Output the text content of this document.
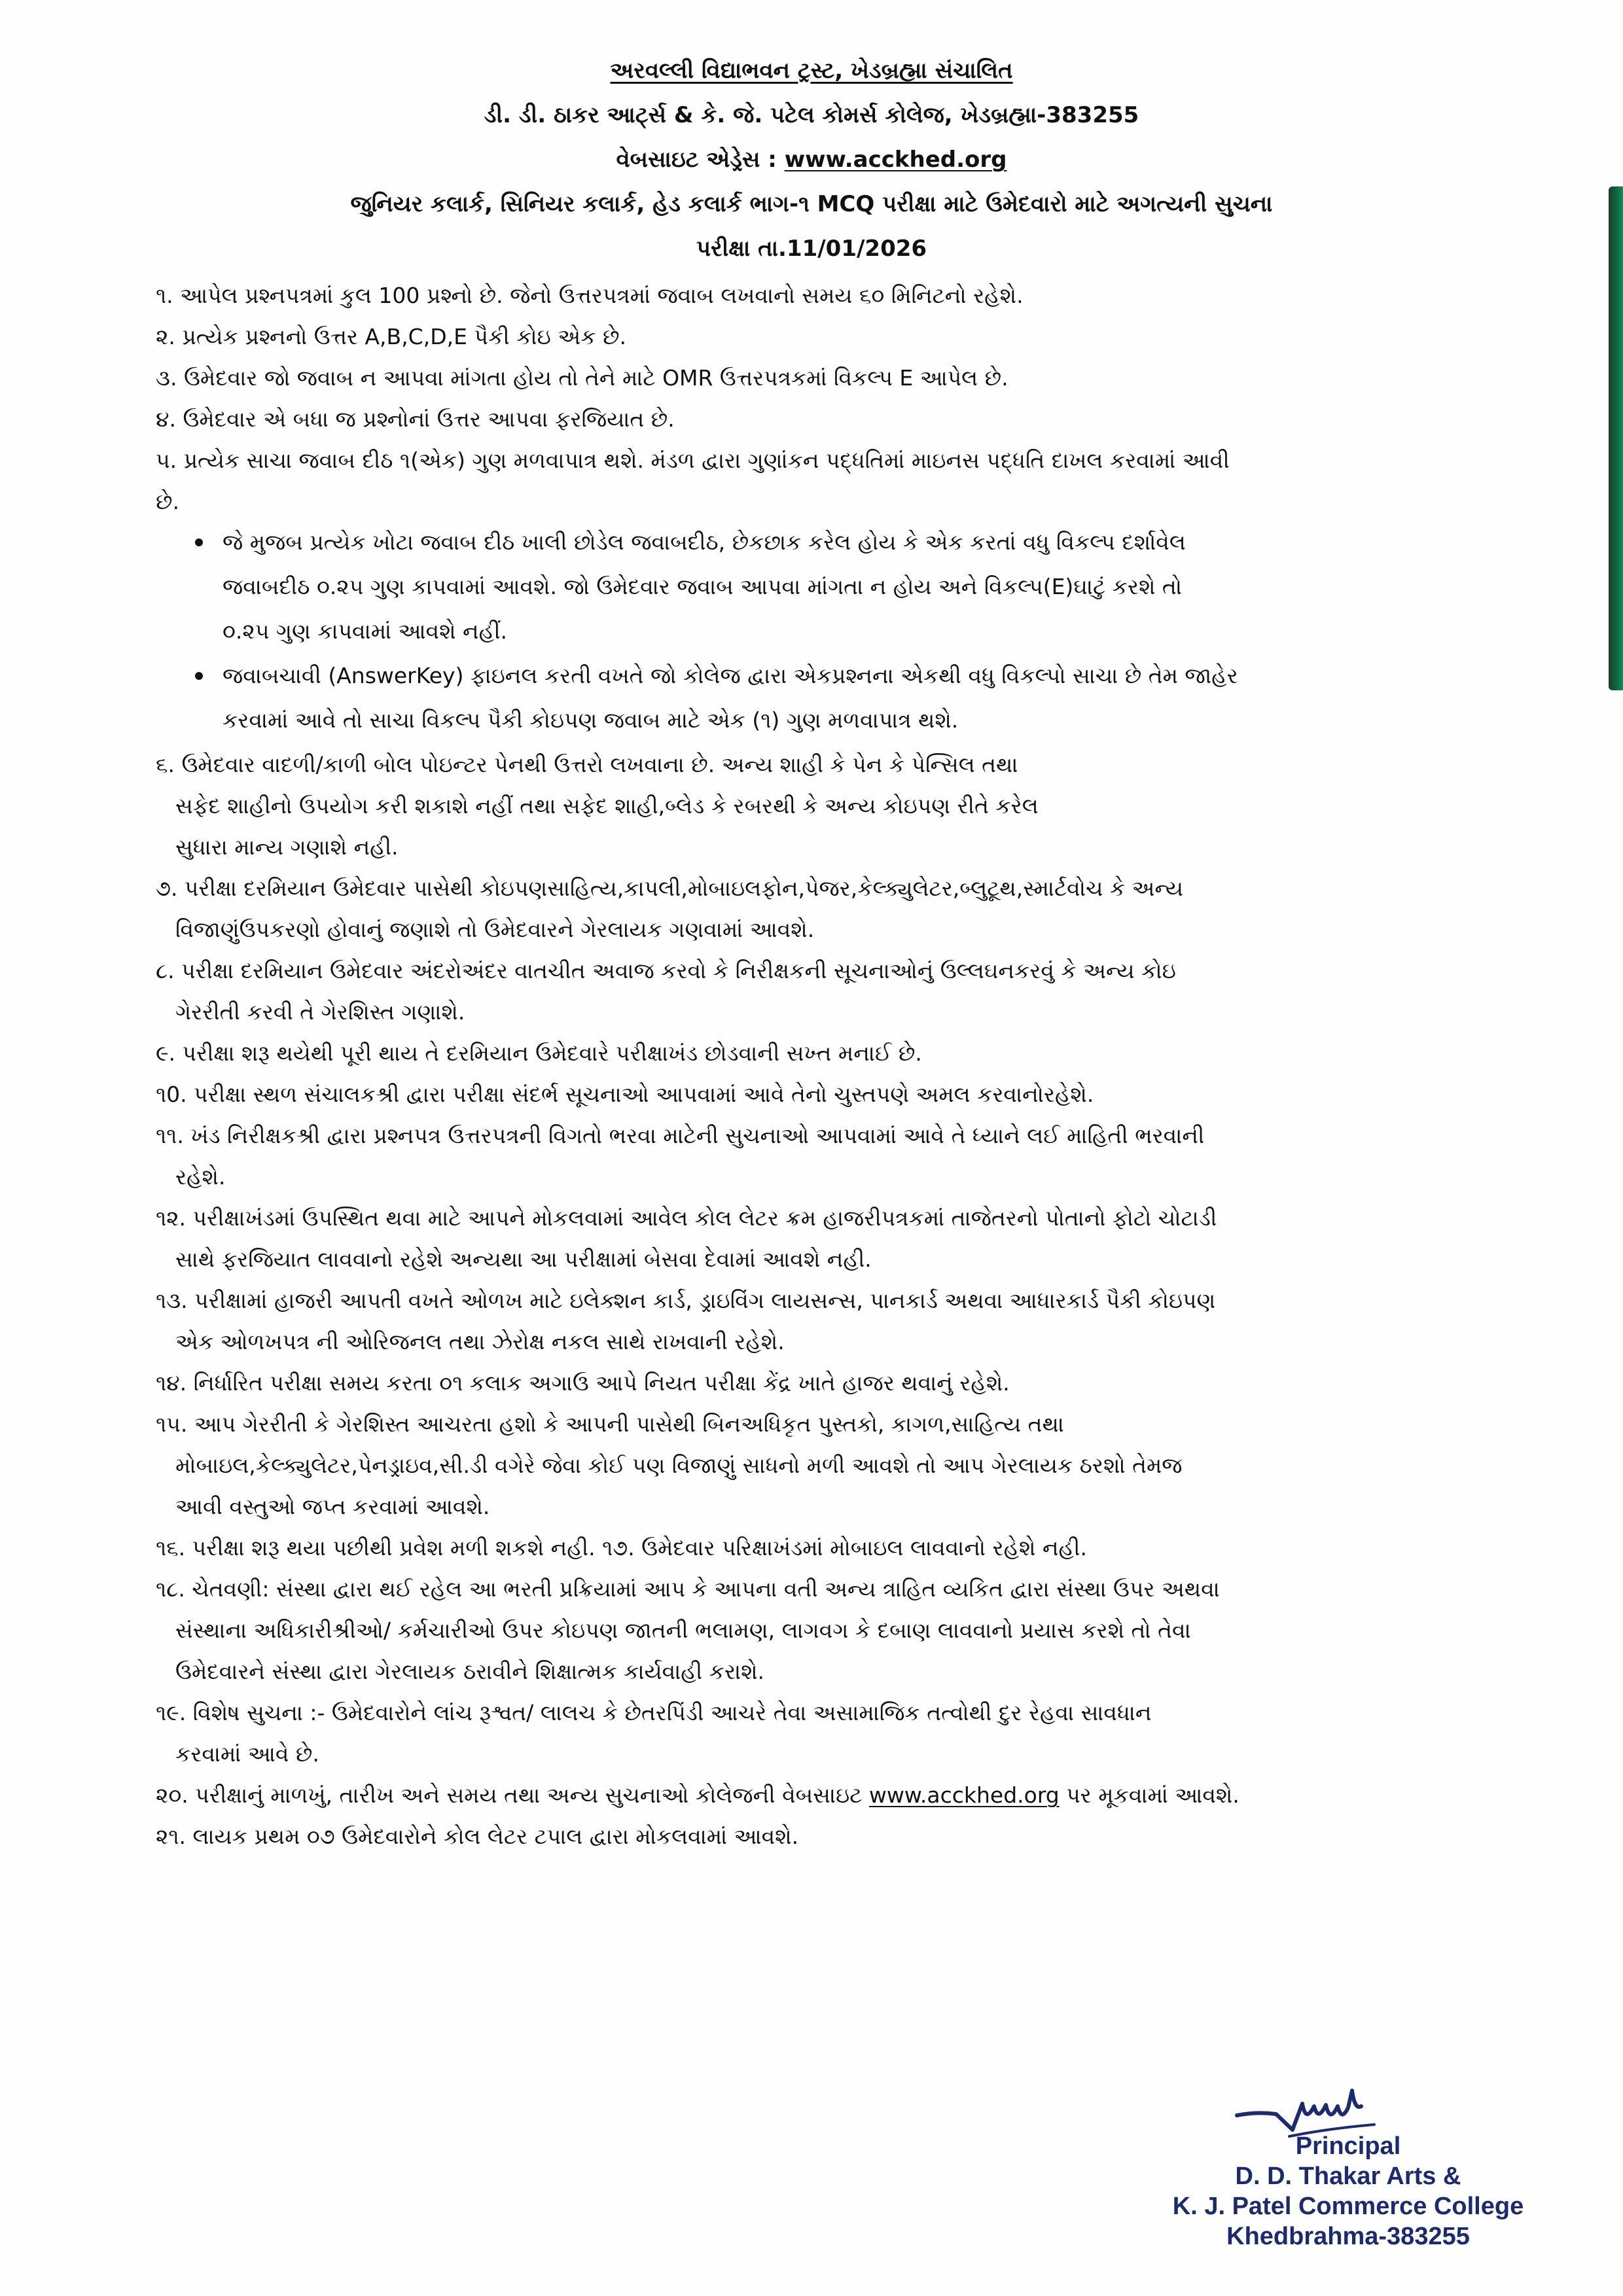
અરવલ્લી વિદ્યાભવન ટ્રસ્ટ, ખેડબ્રહ્મા સંચાલિત
ડી. ડી. ઠાકર આર્ટ્સ & કે. જે. પટેલ કોમર્સ કોલેજ, ખેડબ્રહ્મા-383255
વેબસાઇટ એડ્રેસ : www.acckhed.org
જુનિયર કલાર્ક, સિનિયર કલાર્ક, હેડ કલાર્ક ભાગ-૧ MCQ પરીક્ષા માટે ઉમેદવારો માટે અગત્યની સુચના
પરીક્ષા તા.11/01/2026
૧. આપેલ પ્રશ્નપત્રમાં કુલ 100 પ્રશ્નો છે. જેનો ઉત્તરપત્રમાં જવાબ લખવાનો સમય ૬૦ મિનિટનો રહેશે.
૨. પ્રત્યેક પ્રશ્નનો ઉત્તર A,B,C,D,E પૈકી કોઇ એક છે.
૩. ઉમેદવાર જો જવાબ ન આપવા માંગતા હોય તો તેને માટે OMR ઉત્તરપત્રકમાં વિકલ્પ E આપેલ છે.
૪. ઉમેદવાર એ બધા જ પ્રશ્નોનાં ઉત્તર આપવા ફરજિયાત છે.
૫. પ્રત્યેક સાચા જવાબ દીઠ ૧(એક) ગુણ મળવાપાત્ર થશે. મંડળ દ્વારા ગુણાંકન પદ્ધતિમાં માઇનસ પદ્ધતિ દાખલ કરવામાં આવી
છે.
જે મુજબ પ્રત્યેક ખોટા જવાબ દીઠ ખાલી છોડેલ જવાબદીઠ, છેકછાક કરેલ હોય કે એક કરતાં વધુ વિકલ્પ દર્શાવેલ
જવાબદીઠ ૦.૨૫ ગુણ કાપવામાં આવશે. જો ઉમેદવાર જવાબ આપવા માંગતા ન હોય અને વિકલ્પ(E)ઘાટું કરશે તો
૦.૨૫ ગુણ કાપવામાં આવશે નહીં.
જવાબચાવી (AnswerKey) ફાઇનલ કરતી વખતે જો કોલેજ દ્વારા એકપ્રશ્નના એકથી વધુ વિકલ્પો સાચા છે તેમ જાહેર
કરવામાં આવે તો સાચા વિકલ્પ પૈકી કોઇપણ જવાબ માટે એક (૧) ગુણ મળવાપાત્ર થશે.
૬. ઉમેદવાર વાદળી/કાળી બોલ પોઇન્ટર પેનથી ઉત્તરો લખવાના છે. અન્ય શાહી કે પેન કે પેન્સિલ તથા
સફેદ શાહીનો ઉપયોગ કરી શકાશે નહીં તથા સફેદ શાહી,બ્લેડ કે રબરથી કે અન્ય કોઇપણ રીતે કરેલ
સુધારા માન્ય ગણાશે નહી.
૭. પરીક્ષા દરમિયાન ઉમેદવાર પાસેથી કોઇપણસાહિત્ય,કાપલી,મોબાઇલફોન,પેજર,કેલ્ક્યુલેટર,બ્લુટૂથ,સ્માર્ટવોચ કે અન્ય
વિજાણુંઉપકરણો હોવાનું જણાશે તો ઉમેદવારને ગેરલાયક ગણવામાં આવશે.
૮. પરીક્ષા દરમિયાન ઉમેદવાર અંદરોઅંદર વાતચીત અવાજ કરવો કે નિરીક્ષકની સૂચનાઓનું ઉલ્લઘનકરવું કે અન્ય કોઇ
ગેરરીતી કરવી તે ગેરશિસ્ત ગણાશે.
૯. પરીક્ષા શરૂ થયેથી પૂરી થાય તે દરમિયાન ઉમેદવારે પરીક્ષાખંડ છોડવાની સખ્ત મનાઈ છે.
૧0. પરીક્ષા સ્થળ સંચાલકશ્રી દ્વારા પરીક્ષા સંદર્ભ સૂચનાઓ આપવામાં આવે તેનો ચુસ્તપણે અમલ કરવાનોરહેશે.
૧૧. ખંડ નિરીક્ષકશ્રી દ્વારા પ્રશ્નપત્ર ઉત્તરપત્રની વિગતો ભરવા માટેની સુચનાઓ આપવામાં આવે તે ધ્યાને લઈ માહિતી ભરવાની
રહેશે.
૧૨. પરીક્ષાખંડમાં ઉપસ્થિત થવા માટે આપને મોકલવામાં આવેલ કોલ લેટર ક્રમ હાજરીપત્રકમાં તાજેતરનો પોતાનો ફોટો ચોટાડી
સાથે ફરજિયાત લાવવાનો રહેશે અન્યથા આ પરીક્ષામાં બેસવા દેવામાં આવશે નહી.
૧૩. પરીક્ષામાં હાજરી આપતી વખતે ઓળખ માટે ઇલેક્શન કાર્ડ, ડ્રાઇવિંગ લાયસન્સ, પાનકાર્ડ અથવા આધારકાર્ડ પૈકી કોઇપણ
એક ઓળખપત્ર ની ઓરિજનલ તથા ઝેરોક્ષ નકલ સાથે રાખવાની રહેશે.
૧૪. નિર્ધારિત પરીક્ષા સમય કરતા ૦૧ કલાક અગાઉ આપે નિયત પરીક્ષા કેંદ્ર ખાતે હાજર થવાનું રહેશે.
૧૫. આપ ગેરરીતી કે ગેરશિસ્ત આચરતા હશો કે આપની પાસેથી બિનઅધિકૃત પુસ્તકો, કાગળ,સાહિત્ય તથા
મોબાઇલ,કેલ્ક્યુલેટર,પેનડ્રાઇવ,સી.ડી વગેરે જેવા કોઈ પણ વિજાણું સાધનો મળી આવશે તો આપ ગેરલાયક ઠરશો તેમજ
આવી વસ્તુઓ જપ્ત કરવામાં આવશે.
૧૬. પરીક્ષા શરૂ થયા પછીથી પ્રવેશ મળી શકશે નહી. ૧૭. ઉમેદવાર પરિક્ષાખંડમાં મોબાઇલ લાવવાનો રહેશે નહી.
૧૮. ચેતવણી: સંસ્થા દ્વારા થઈ રહેલ આ ભરતી પ્રક્રિયામાં આપ કે આપના વતી અન્ય ત્રાહિત વ્યકિત દ્વારા સંસ્થા ઉપર અથવા
સંસ્થાના અધિકારીશ્રીઓ/ કર્મચારીઓ ઉપર કોઇપણ જાતની ભલામણ, લાગવગ કે દબાણ લાવવાનો પ્રયાસ કરશે તો તેવા
ઉમેદવારને સંસ્થા દ્વારા ગેરલાયક ઠરાવીને શિક્ષાત્મક કાર્યવાહી કરાશે.
૧૯. વિશેષ સુચના :- ઉમેદવારોને લાંચ રૂશ્વત/ લાલચ કે છેતરપિંડી આચરે તેવા અસામાજિક તત્વોથી દુર રેહવા સાવધાન
કરવામાં આવે છે.
૨૦. પરીક્ષાનું માળખું, તારીખ અને સમય તથા અન્ય સુચનાઓ કોલેજની વેબસાઇટ www.acckhed.org પર મૂકવામાં આવશે.
૨૧. લાયક પ્રથમ ૦૭ ઉમેદવારોને કોલ લેટર ટપાલ દ્વારા મોકલવામાં આવશે.
Principal
D. D. Thakar Arts &
K. J. Patel Commerce College
Khedbrahma-383255
